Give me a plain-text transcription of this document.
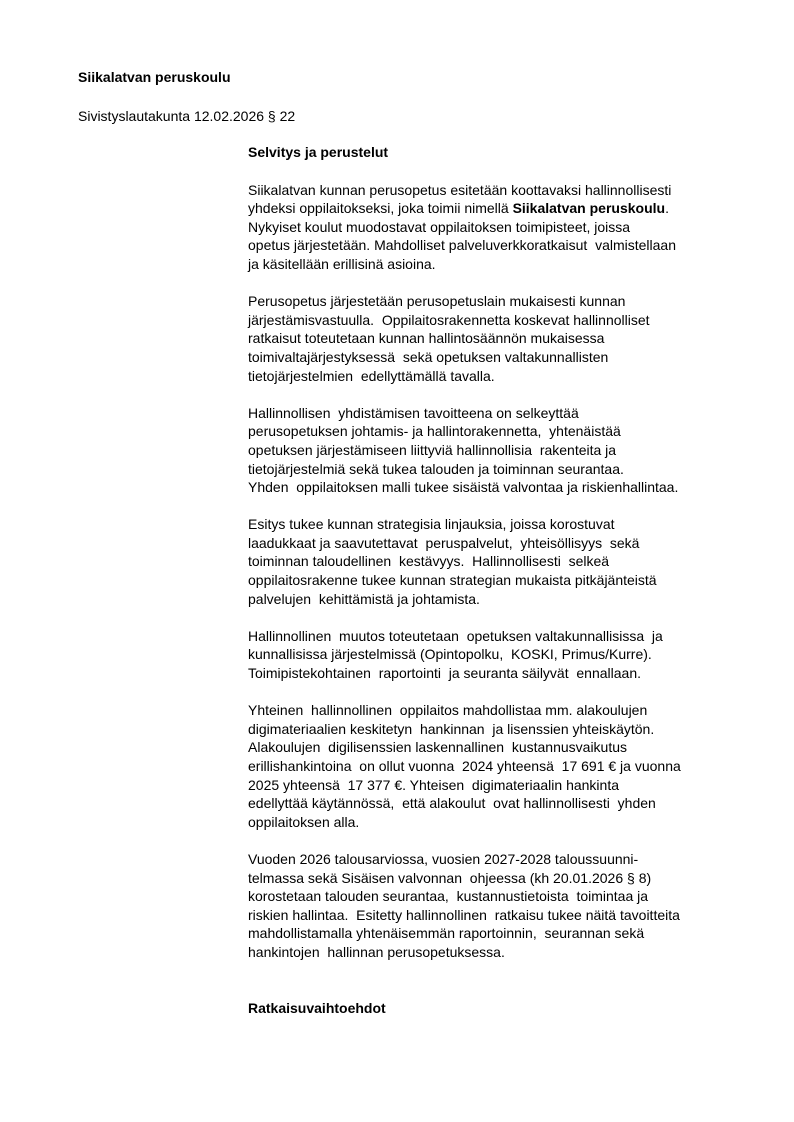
Siikalatvan peruskoulu
Sivistyslautakunta 12.02.2026 § 22
Selvitys ja perustelut
Siikalatvan kunnan perusopetus esitetään koottavaksi hallinnollisesti
yhdeksi oppilaitokseksi, joka toimii nimellä Siikalatvan peruskoulu.
Nykyiset koulut muodostavat oppilaitoksen toimipisteet, joissa
opetus järjestetään. Mahdolliset palveluverkkoratkaisut  valmistellaan
ja käsitellään erillisinä asioina.
Perusopetus järjestetään perusopetuslain mukaisesti kunnan
järjestämisvastuulla.  Oppilaitosrakennetta koskevat hallinnolliset
ratkaisut toteutetaan kunnan hallintosäännön mukaisessa
toimivaltajärjestyksessä  sekä opetuksen valtakunnallisten
tietojärjestelmien  edellyttämällä tavalla.
Hallinnollisen  yhdistämisen tavoitteena on selkeyttää
perusopetuksen johtamis- ja hallintorakennetta,  yhtenäistää
opetuksen järjestämiseen liittyviä hallinnollisia  rakenteita ja
tietojärjestelmiä sekä tukea talouden ja toiminnan seurantaa.
Yhden  oppilaitoksen malli tukee sisäistä valvontaa ja riskienhallintaa.
Esitys tukee kunnan strategisia linjauksia, joissa korostuvat
laadukkaat ja saavutettavat  peruspalvelut,  yhteisöllisyys  sekä
toiminnan taloudellinen  kestävyys.  Hallinnollisesti  selkeä
oppilaitosrakenne tukee kunnan strategian mukaista pitkäjänteistä
palvelujen  kehittämistä ja johtamista.
Hallinnollinen  muutos toteutetaan  opetuksen valtakunnallisissa  ja
kunnallisissa järjestelmissä (Opintopolku,  KOSKI, Primus/Kurre).
Toimipistekohtainen  raportointi  ja seuranta säilyvät  ennallaan.
Yhteinen  hallinnollinen  oppilaitos mahdollistaa mm. alakoulujen
digimateriaalien keskitetyn  hankinnan  ja lisenssien yhteiskäytön.
Alakoulujen  digilisenssien laskennallinen  kustannusvaikutus
erillishankintoina  on ollut vuonna  2024 yhteensä  17 691 € ja vuonna
2025 yhteensä  17 377 €. Yhteisen  digimateriaalin hankinta
edellyttää käytännössä,  että alakoulut  ovat hallinnollisesti  yhden
oppilaitoksen alla.
Vuoden 2026 talousarviossa, vuosien 2027-2028 taloussuunni-
telmassa sekä Sisäisen valvonnan  ohjeessa (kh 20.01.2026 § 8)
korostetaan talouden seurantaa,  kustannustietoista  toimintaa ja
riskien hallintaa.  Esitetty hallinnollinen  ratkaisu tukee näitä tavoitteita
mahdollistamalla yhtenäisemmän raportoinnin,  seurannan sekä
hankintojen  hallinnan perusopetuksessa.
Ratkaisuvaihtoehdot
